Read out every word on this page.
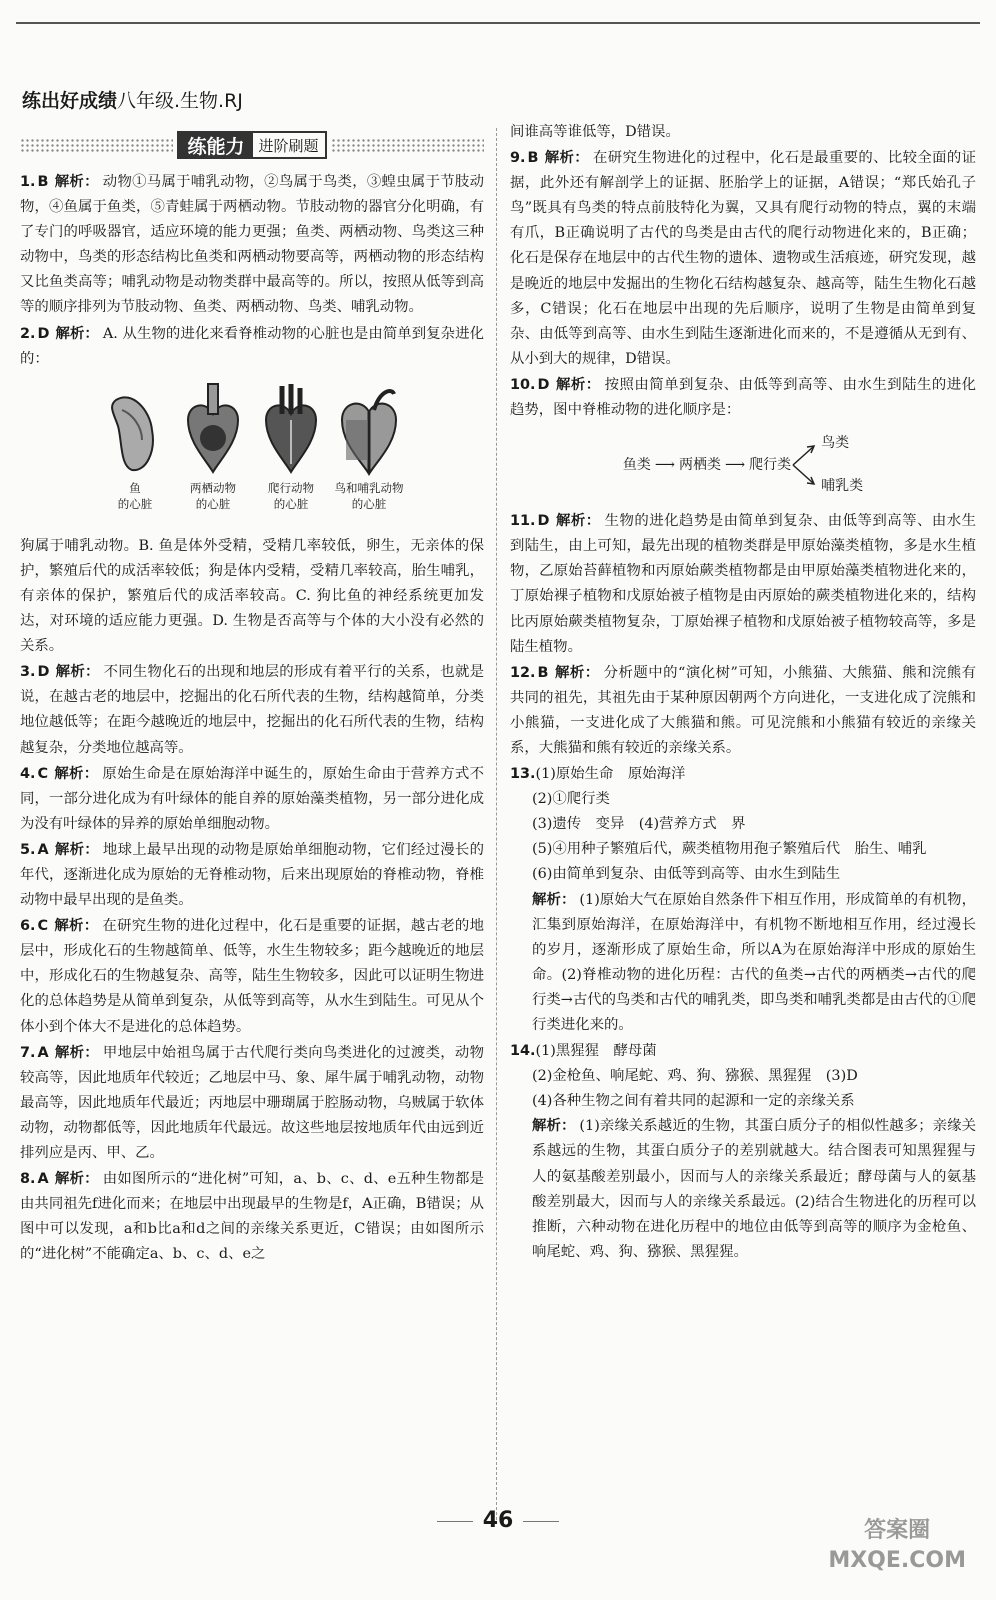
练出好成绩八年级.生物.RJ
练能力 进阶刷题
1. B 解析： 动物①马属于哺乳动物，②鸟属于鸟类，③蝗虫属于节肢动物，④鱼属于鱼类，⑤青蛙属于两栖动物。节肢动物的器官分化明确，有了专门的呼吸器官，适应环境的能力更强；鱼类、两栖动物、鸟类这三种动物中，鸟类的形态结构比鱼类和两栖动物要高等，两栖动物的形态结构又比鱼类高等；哺乳动物是动物类群中最高等的。所以，按照从低等到高等的顺序排列为节肢动物、鱼类、两栖动物、鸟类、哺乳动物。
2. D 解析： A. 从生物的进化来看脊椎动物的心脏也是由简单到复杂进化的：
鱼
的心脏
两栖动物
的心脏
爬行动物
的心脏
鸟和哺乳动物
的心脏
狗属于哺乳动物。B. 鱼是体外受精，受精几率较低，卵生，无亲体的保护，繁殖后代的成活率较低；狗是体内受精，受精几率较高，胎生哺乳，有亲体的保护，繁殖后代的成活率较高。C. 狗比鱼的神经系统更加发达，对环境的适应能力更强。D. 生物是否高等与个体的大小没有必然的关系。
3. D 解析： 不同生物化石的出现和地层的形成有着平行的关系，也就是说，在越古老的地层中，挖掘出的化石所代表的生物，结构越简单，分类地位越低等；在距今越晚近的地层中，挖掘出的化石所代表的生物，结构越复杂，分类地位越高等。
4. C 解析： 原始生命是在原始海洋中诞生的，原始生命由于营养方式不同，一部分进化成为有叶绿体的能自养的原始藻类植物，另一部分进化成为没有叶绿体的异养的原始单细胞动物。
5. A 解析： 地球上最早出现的动物是原始单细胞动物，它们经过漫长的年代，逐渐进化成为原始的无脊椎动物，后来出现原始的脊椎动物，脊椎动物中最早出现的是鱼类。
6. C 解析： 在研究生物的进化过程中，化石是重要的证据，越古老的地层中，形成化石的生物越简单、低等，水生生物较多；距今越晚近的地层中，形成化石的生物越复杂、高等，陆生生物较多，因此可以证明生物进化的总体趋势是从简单到复杂，从低等到高等，从水生到陆生。可见从个体小到个体大不是进化的总体趋势。
7. A 解析： 甲地层中始祖鸟属于古代爬行类向鸟类进化的过渡类，动物较高等，因此地质年代较近；乙地层中马、象、犀牛属于哺乳动物，动物最高等，因此地质年代最近；丙地层中珊瑚属于腔肠动物，乌贼属于软体动物，动物都低等，因此地质年代最远。故这些地层按地质年代由远到近排列应是丙、甲、乙。
8. A 解析： 由如图所示的“进化树”可知，a、b、c、d、e五种生物都是由共同祖先f进化而来；在地层中出现最早的生物是f，A正确，B错误；从图中可以发现，a和b比a和d之间的亲缘关系更近，C错误；由如图所示的“进化树”不能确定a、b、c、d、e之
间谁高等谁低等，D错误。
9. B 解析： 在研究生物进化的过程中，化石是最重要的、比较全面的证据，此外还有解剖学上的证据、胚胎学上的证据，A错误；“郑氏始孔子鸟”既具有鸟类的特点前肢特化为翼，又具有爬行动物的特点，翼的末端有爪，B正确说明了古代的鸟类是由古代的爬行动物进化来的，B正确；化石是保存在地层中的古代生物的遗体、遗物或生活痕迹，研究发现，越是晚近的地层中发掘出的生物化石结构越复杂、越高等，陆生生物化石越多，C错误；化石在地层中出现的先后顺序，说明了生物是由简单到复杂、由低等到高等、由水生到陆生逐渐进化而来的，不是遵循从无到有、从小到大的规律，D错误。
10. D 解析： 按照由简单到复杂、由低等到高等、由水生到陆生的进化趋势，图中脊椎动物的进化顺序是：
鱼类 ⟶ 两栖类 ⟶ 爬行类
鸟类
哺乳类
11. D 解析： 生物的进化趋势是由简单到复杂、由低等到高等、由水生到陆生，由上可知，最先出现的植物类群是甲原始藻类植物，多是水生植物，乙原始苔藓植物和丙原始蕨类植物都是由甲原始藻类植物进化来的，丁原始裸子植物和戊原始被子植物是由丙原始的蕨类植物进化来的，结构比丙原始蕨类植物复杂，丁原始裸子植物和戊原始被子植物较高等，多是陆生植物。
12. B 解析： 分析题中的“演化树”可知，小熊猫、大熊猫、熊和浣熊有共同的祖先，其祖先由于某种原因朝两个方向进化，一支进化成了浣熊和小熊猫，一支进化成了大熊猫和熊。可见浣熊和小熊猫有较近的亲缘关系，大熊猫和熊有较近的亲缘关系。
13.(1)原始生命　原始海洋
(2)①爬行类
(3)遗传　变异　(4)营养方式　界
(5)④用种子繁殖后代，蕨类植物用孢子繁殖后代　胎生、哺乳
(6)由简单到复杂、由低等到高等、由水生到陆生
解析： (1)原始大气在原始自然条件下相互作用，形成简单的有机物，汇集到原始海洋，在原始海洋中，有机物不断地相互作用，经过漫长的岁月，逐渐形成了原始生命，所以A为在原始海洋中形成的原始生命。(2)脊椎动物的进化历程：古代的鱼类→古代的两栖类→古代的爬行类→古代的鸟类和古代的哺乳类，即鸟类和哺乳类都是由古代的①爬行类进化来的。
14.(1)黑猩猩　酵母菌
(2)金枪鱼、响尾蛇、鸡、狗、猕猴、黑猩猩　(3)D
(4)各种生物之间有着共同的起源和一定的亲缘关系
解析： (1)亲缘关系越近的生物，其蛋白质分子的相似性越多；亲缘关系越远的生物，其蛋白质分子的差别就越大。结合图表可知黑猩猩与人的氨基酸差别最小，因而与人的亲缘关系最近；酵母菌与人的氨基酸差别最大，因而与人的亲缘关系最远。(2)结合生物进化的历程可以推断，六种动物在进化历程中的地位由低等到高等的顺序为金枪鱼、响尾蛇、鸡、狗、猕猴、黑猩猩。
46	答案圈
MXQE.COM
